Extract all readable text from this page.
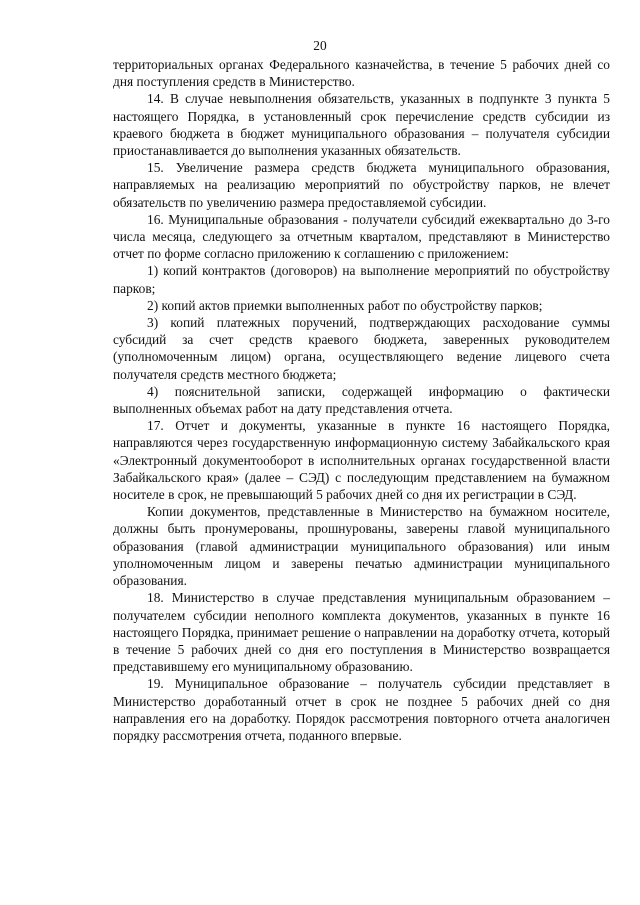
20

территориальных органах Федерального казначейства, в течение 5 рабочих дней со дня поступления средств в Министерство.

14. В случае невыполнения обязательств, указанных в подпункте 3 пункта 5 настоящего Порядка, в установленный срок перечисление средств субсидии из краевого бюджета в бюджет муниципального образования – получателя субсидии приостанавливается до выполнения указанных обязательств.

15. Увеличение размера средств бюджета муниципального образования, направляемых на реализацию мероприятий по обустройству парков, не влечет обязательств по увеличению размера предоставляемой субсидии.

16. Муниципальные образования - получатели субсидий ежеквартально до 3-го числа месяца, следующего за отчетным кварталом, представляют в Министерство отчет по форме согласно приложению к соглашению с приложением:

1) копий контрактов (договоров) на выполнение мероприятий по обустройству парков;

2) копий актов приемки выполненных работ по обустройству парков;

3) копий платежных поручений, подтверждающих расходование суммы субсидий за счет средств краевого бюджета, заверенных руководителем (уполномоченным лицом) органа, осуществляющего ведение лицевого счета получателя средств местного бюджета;

4) пояснительной записки, содержащей информацию о фактически выполненных объемах работ на дату представления отчета.

17. Отчет и документы, указанные в пункте 16 настоящего Порядка, направляются через государственную информационную систему Забайкальского края «Электронный документооборот в исполнительных органах государственной власти Забайкальского края» (далее – СЭД) с последующим представлением на бумажном носителе в срок, не превышающий 5 рабочих дней со дня их регистрации в СЭД.

Копии документов, представленные в Министерство на бумажном носителе, должны быть пронумерованы, прошнурованы, заверены главой муниципального образования (главой администрации муниципального образования) или иным уполномоченным лицом и заверены печатью администрации муниципального образования.

18. Министерство в случае представления муниципальным образованием – получателем субсидии неполного комплекта документов, указанных в пункте 16 настоящего Порядка, принимает решение о направлении на доработку отчета, который в течение 5 рабочих дней со дня его поступления в Министерство возвращается представившему его муниципальному образованию.

19. Муниципальное образование – получатель субсидии представляет в Министерство доработанный отчет в срок не позднее 5 рабочих дней со дня направления его на доработку. Порядок рассмотрения повторного отчета аналогичен порядку рассмотрения отчета, поданного впервые.
